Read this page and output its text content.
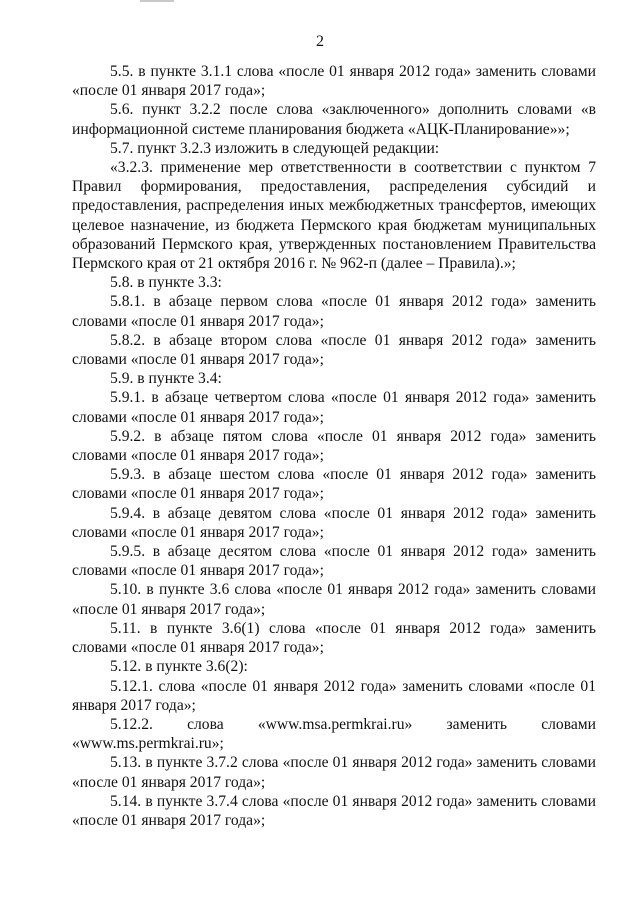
2

5.5. в пункте 3.1.1 слова «после 01 января 2012 года» заменить словами «после 01 января 2017 года»;

5.6. пункт 3.2.2 после слова «заключенного» дополнить словами «в информационной системе планирования бюджета «АЦК-Планирование»»;

5.7. пункт 3.2.3 изложить в следующей редакции:

«3.2.3. применение мер ответственности в соответствии с пунктом 7 Правил формирования, предоставления, распределения субсидий и предоставления, распределения иных межбюджетных трансфертов, имеющих целевое назначение, из бюджета Пермского края бюджетам муниципальных образований Пермского края, утвержденных постановлением Правительства Пермского края от 21 октября 2016 г. № 962-п (далее – Правила).»;

5.8. в пункте 3.3:

5.8.1. в абзаце первом слова «после 01 января 2012 года» заменить словами «после 01 января 2017 года»;

5.8.2. в абзаце втором слова «после 01 января 2012 года» заменить словами «после 01 января 2017 года»;

5.9. в пункте 3.4:

5.9.1. в абзаце четвертом слова «после 01 января 2012 года» заменить словами «после 01 января 2017 года»;

5.9.2. в абзаце пятом слова «после 01 января 2012 года» заменить словами «после 01 января 2017 года»;

5.9.3. в абзаце шестом слова «после 01 января 2012 года» заменить словами «после 01 января 2017 года»;

5.9.4. в абзаце девятом слова «после 01 января 2012 года» заменить словами «после 01 января 2017 года»;

5.9.5. в абзаце десятом слова «после 01 января 2012 года» заменить словами «после 01 января 2017 года»;

5.10. в пункте 3.6 слова «после 01 января 2012 года» заменить словами «после 01 января 2017 года»;

5.11. в пункте 3.6(1) слова «после 01 января 2012 года» заменить словами «после 01 января 2017 года»;

5.12. в пункте 3.6(2):

5.12.1. слова «после 01 января 2012 года» заменить словами «после 01 января 2017 года»;

5.12.2. слова «www.msa.permkrai.ru» заменить словами «www.ms.permkrai.ru»;

5.13. в пункте 3.7.2 слова «после 01 января 2012 года» заменить словами «после 01 января 2017 года»;

5.14. в пункте 3.7.4 слова «после 01 января 2012 года» заменить словами «после 01 января 2017 года»;
